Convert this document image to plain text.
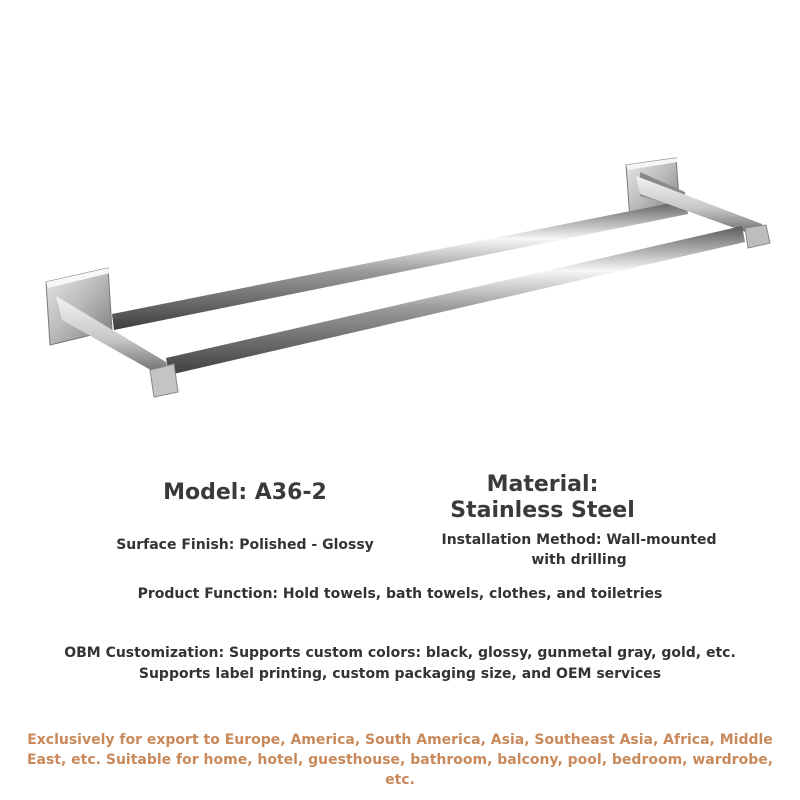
Model: A36-2	Material:
Stainless Steel
Surface Finish: Polished - Glossy	Installation Method: Wall-mounted
with drilling
Product Function: Hold towels, bath towels, clothes, and toiletries
OBM Customization: Supports custom colors: black, glossy, gunmetal gray, gold, etc.
Supports label printing, custom packaging size, and OEM services
Exclusively for export to Europe, America, South America, Asia, Southeast Asia, Africa, Middle East, etc. Suitable for home, hotel, guesthouse, bathroom, balcony, pool, bedroom, wardrobe, etc.
